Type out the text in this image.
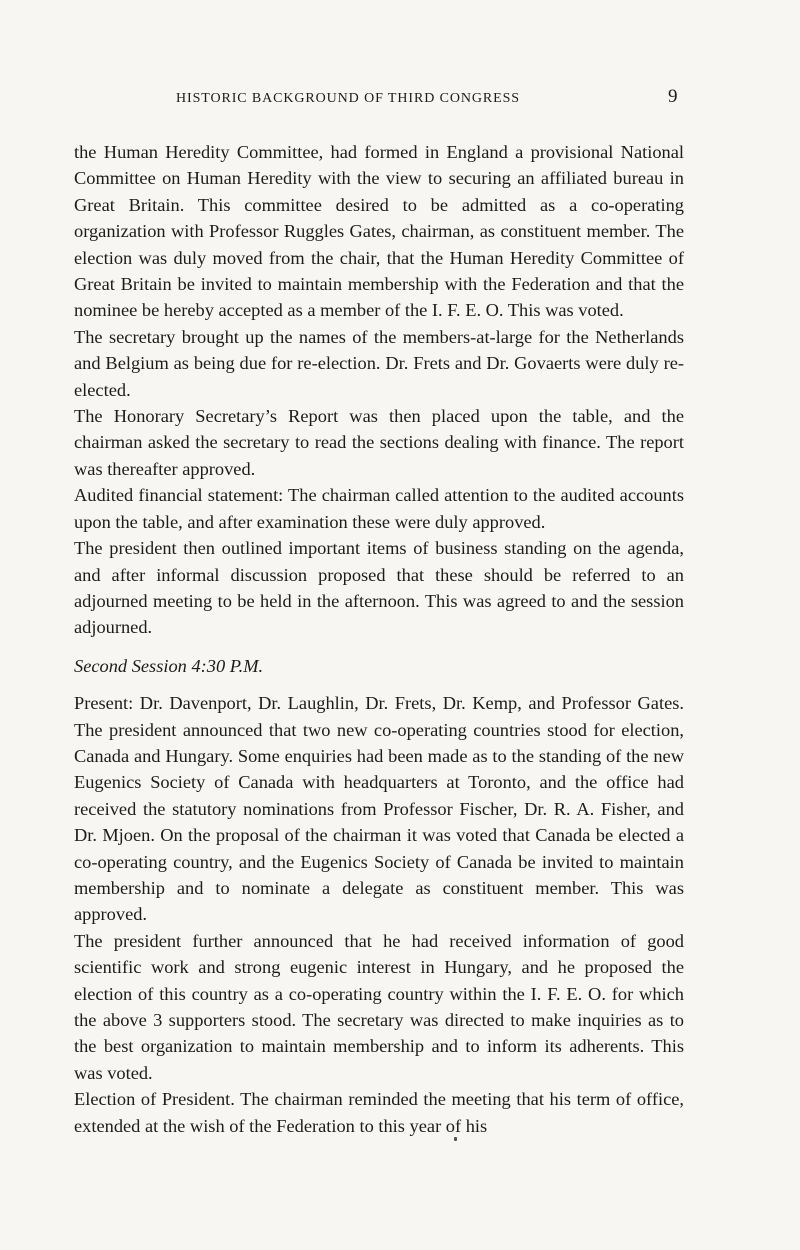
HISTORIC BACKGROUND OF THIRD CONGRESS	9

the Human Heredity Committee, had formed in England a provisional National Committee on Human Heredity with the view to securing an affiliated bureau in Great Britain. This committee desired to be admitted as a co-operating organization with Professor Ruggles Gates, chairman, as constituent member. The election was duly moved from the chair, that the Human Heredity Committee of Great Britain be invited to maintain membership with the Federation and that the nominee be hereby accepted as a member of the I. F. E. O. This was voted.

The secretary brought up the names of the members-at-large for the Netherlands and Belgium as being due for re-election. Dr. Frets and Dr. Govaerts were duly re-elected.

The Honorary Secretary’s Report was then placed upon the table, and the chairman asked the secretary to read the sections dealing with finance. The report was thereafter approved.

Audited financial statement: The chairman called attention to the audited accounts upon the table, and after examination these were duly approved.

The president then outlined important items of business standing on the agenda, and after informal discussion proposed that these should be referred to an adjourned meeting to be held in the afternoon. This was agreed to and the session adjourned.

Second Session 4:30 P.M.

Present: Dr. Davenport, Dr. Laughlin, Dr. Frets, Dr. Kemp, and Professor Gates. The president announced that two new co-operating countries stood for election, Canada and Hungary. Some enquiries had been made as to the standing of the new Eugenics Society of Canada with headquarters at Toronto, and the office had received the statutory nominations from Professor Fischer, Dr. R. A. Fisher, and Dr. Mjoen. On the proposal of the chairman it was voted that Canada be elected a co-operating country, and the Eugenics Society of Canada be invited to maintain membership and to nominate a delegate as constituent member. This was approved.

The president further announced that he had received information of good scientific work and strong eugenic interest in Hungary, and he proposed the election of this country as a co-operating country within the I. F. E. O. for which the above 3 supporters stood. The secretary was directed to make inquiries as to the best organization to maintain membership and to inform its adherents. This was voted.

Election of President. The chairman reminded the meeting that his term of office, extended at the wish of the Federation to this year of his
